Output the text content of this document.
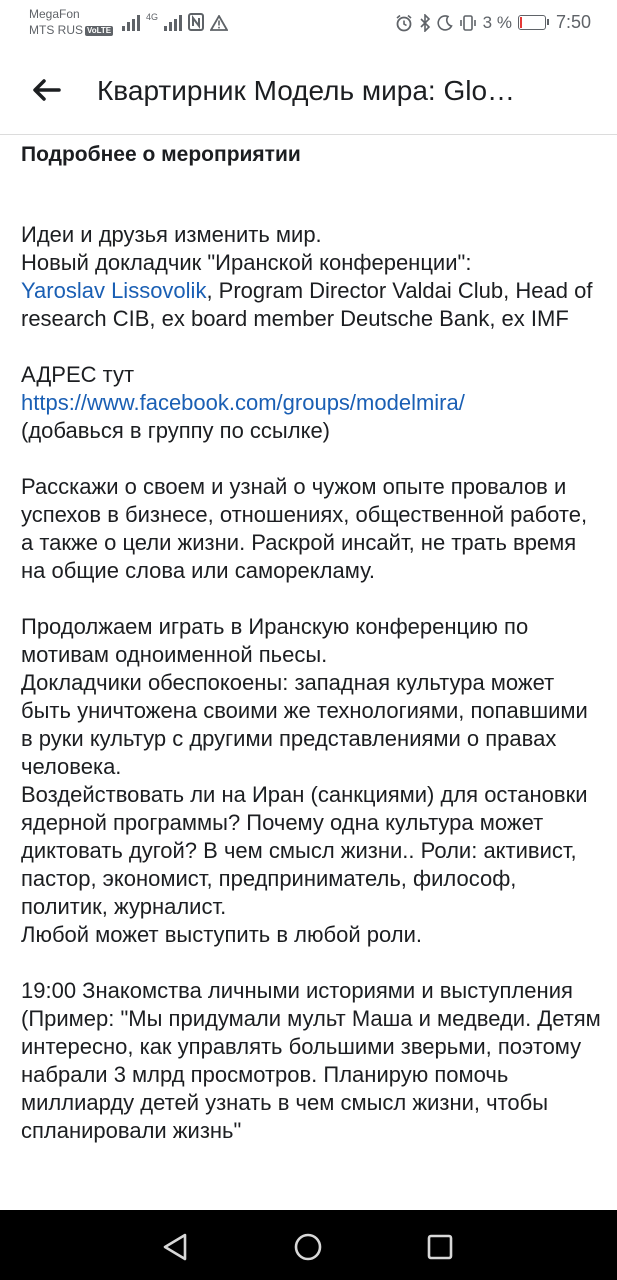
MegaFon
MTS RUS VoLTE
4G	3 % 7:50
Квартирник Модель мира: Glo…
Подробнее о мероприятии

Идеи и друзья изменить мир.
Новый докладчик "Иранской конференции":
Yaroslav Lissovolik, Program Director Valdai Club, Head of research CIB, ex board member Deutsche Bank, ex IMF

АДРЕС тут
https://www.facebook.com/groups/modelmira/
(добавься в группу по ссылке)

Расскажи о своем и узнай о чужом опыте провалов и успехов в бизнесе, отношениях, общественной работе, а также о цели жизни. Раскрой инсайт, не трать время на общие слова или саморекламу.

Продолжаем играть в Иранскую конференцию по мотивам одноименной пьесы.
Докладчики обеспокоены: западная культура может быть уничтожена своими же технологиями, попавшими в руки культур с другими представлениями о правах человека.
Воздействовать ли на Иран (санкциями) для остановки ядерной программы? Почему одна культура может диктовать дугой? В чем смысл жизни.. Роли: активист, пастор, экономист, предприниматель, философ, политик, журналист.
Любой может выступить в любой роли.

19:00 Знакомства личными историями и выступления
(Пример: "Мы придумали мульт Маша и медведи. Детям интересно, как управлять большими зверьми, поэтому набрали 3 млрд просмотров. Планирую помочь миллиарду детей узнать в чем смысл жизни, чтобы спланировали жизнь"
